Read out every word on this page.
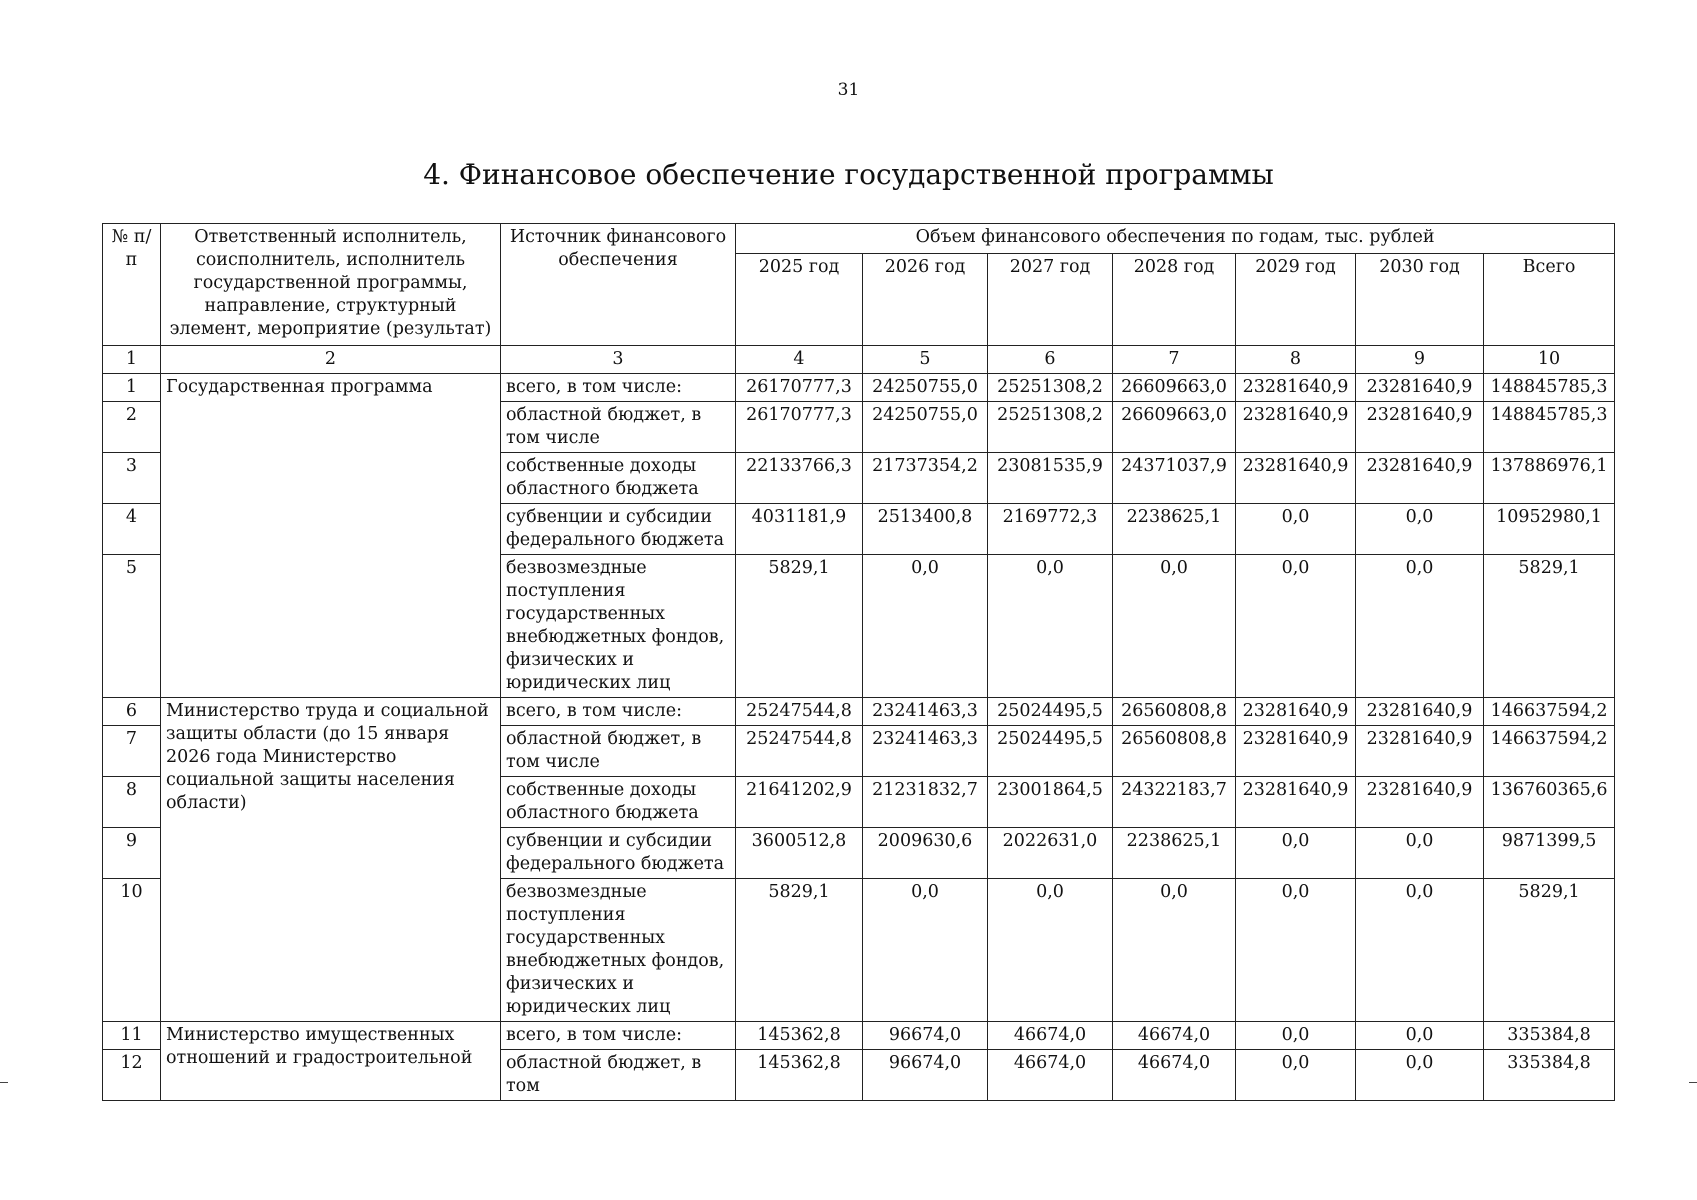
31
4. Финансовое обеспечение государственной программы
№ п/п	Ответственный исполнитель, соисполнитель, исполнитель государственной программы, направление, структурный элемент, мероприятие (результат)	Источник финансового обеспечения	Объем финансового обеспечения по годам, тыс. рублей						
			2025 год	2026 год	2027 год	2028 год	2029 год	2030 год	Всего
1	2	3	4	5	6	7	8	9	10
1	Государственная программа	всего, в том числе:	26170777,3	24250755,0	25251308,2	26609663,0	23281640,9	23281640,9	148845785,3
2		областной бюджет, в том числе	26170777,3	24250755,0	25251308,2	26609663,0	23281640,9	23281640,9	148845785,3
3		собственные доходы областного бюджета	22133766,3	21737354,2	23081535,9	24371037,9	23281640,9	23281640,9	137886976,1
4		субвенции и субсидии федерального бюджета	4031181,9	2513400,8	2169772,3	2238625,1	0,0	0,0	10952980,1
5		безвозмездные поступления государственных внебюджетных фондов, физических и юридических лиц	5829,1	0,0	0,0	0,0	0,0	0,0	5829,1
6	Министерство труда и социальной защиты области (до 15 января 2026 года Министерство социальной защиты населения области)	всего, в том числе:	25247544,8	23241463,3	25024495,5	26560808,8	23281640,9	23281640,9	146637594,2
7		областной бюджет, в том числе	25247544,8	23241463,3	25024495,5	26560808,8	23281640,9	23281640,9	146637594,2
8		собственные доходы областного бюджета	21641202,9	21231832,7	23001864,5	24322183,7	23281640,9	23281640,9	136760365,6
9		субвенции и субсидии федерального бюджета	3600512,8	2009630,6	2022631,0	2238625,1	0,0	0,0	9871399,5
10		безвозмездные поступления государственных внебюджетных фондов, физических и юридических лиц	5829,1	0,0	0,0	0,0	0,0	0,0	5829,1
11	Министерство имущественных отношений и градостроительной	всего, в том числе:	145362,8	96674,0	46674,0	46674,0	0,0	0,0	335384,8
12		областной бюджет, в том	145362,8	96674,0	46674,0	46674,0	0,0	0,0	335384,8
